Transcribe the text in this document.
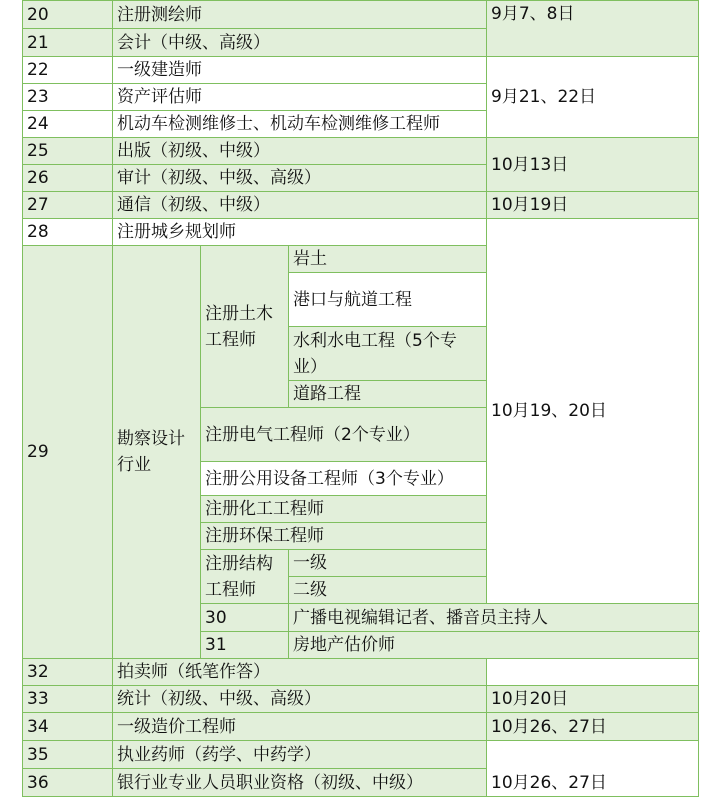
20	注册测绘师			9月7、8日	
21	会计（中级、高级）				
22	一级建造师			9月21、22日	
23	资产评估师				
24	机动车检测维修士、机动车检测维修工程师				
25	出版（初级、中级）			10月13日	
26	审计（初级、中级、高级）				
27	通信（初级、中级）			10月19日	
28	注册城乡规划师			10月19、20日	
29	勘察设计行业	注册土木工程师	岩土		
			港口与航道工程		
			水利水电工程（5个专业）		
			道路工程		
		注册电气工程师（2个专业）			
		注册公用设备工程师（3个专业）			
		注册化工工程师			
		注册环保工程师			
		注册结构工程师	一级		
			二级	
		30	广播电视编辑记者、播音员主持人	
		31	房地产估价师		
32	拍卖师（纸笔作答）				
33	统计（初级、中级、高级）			10月20日	
34	一级造价工程师			10月26、27日	
35	执业药师（药学、中药学）			10月26、27日	
36	银行业专业人员职业资格（初级、中级）				
